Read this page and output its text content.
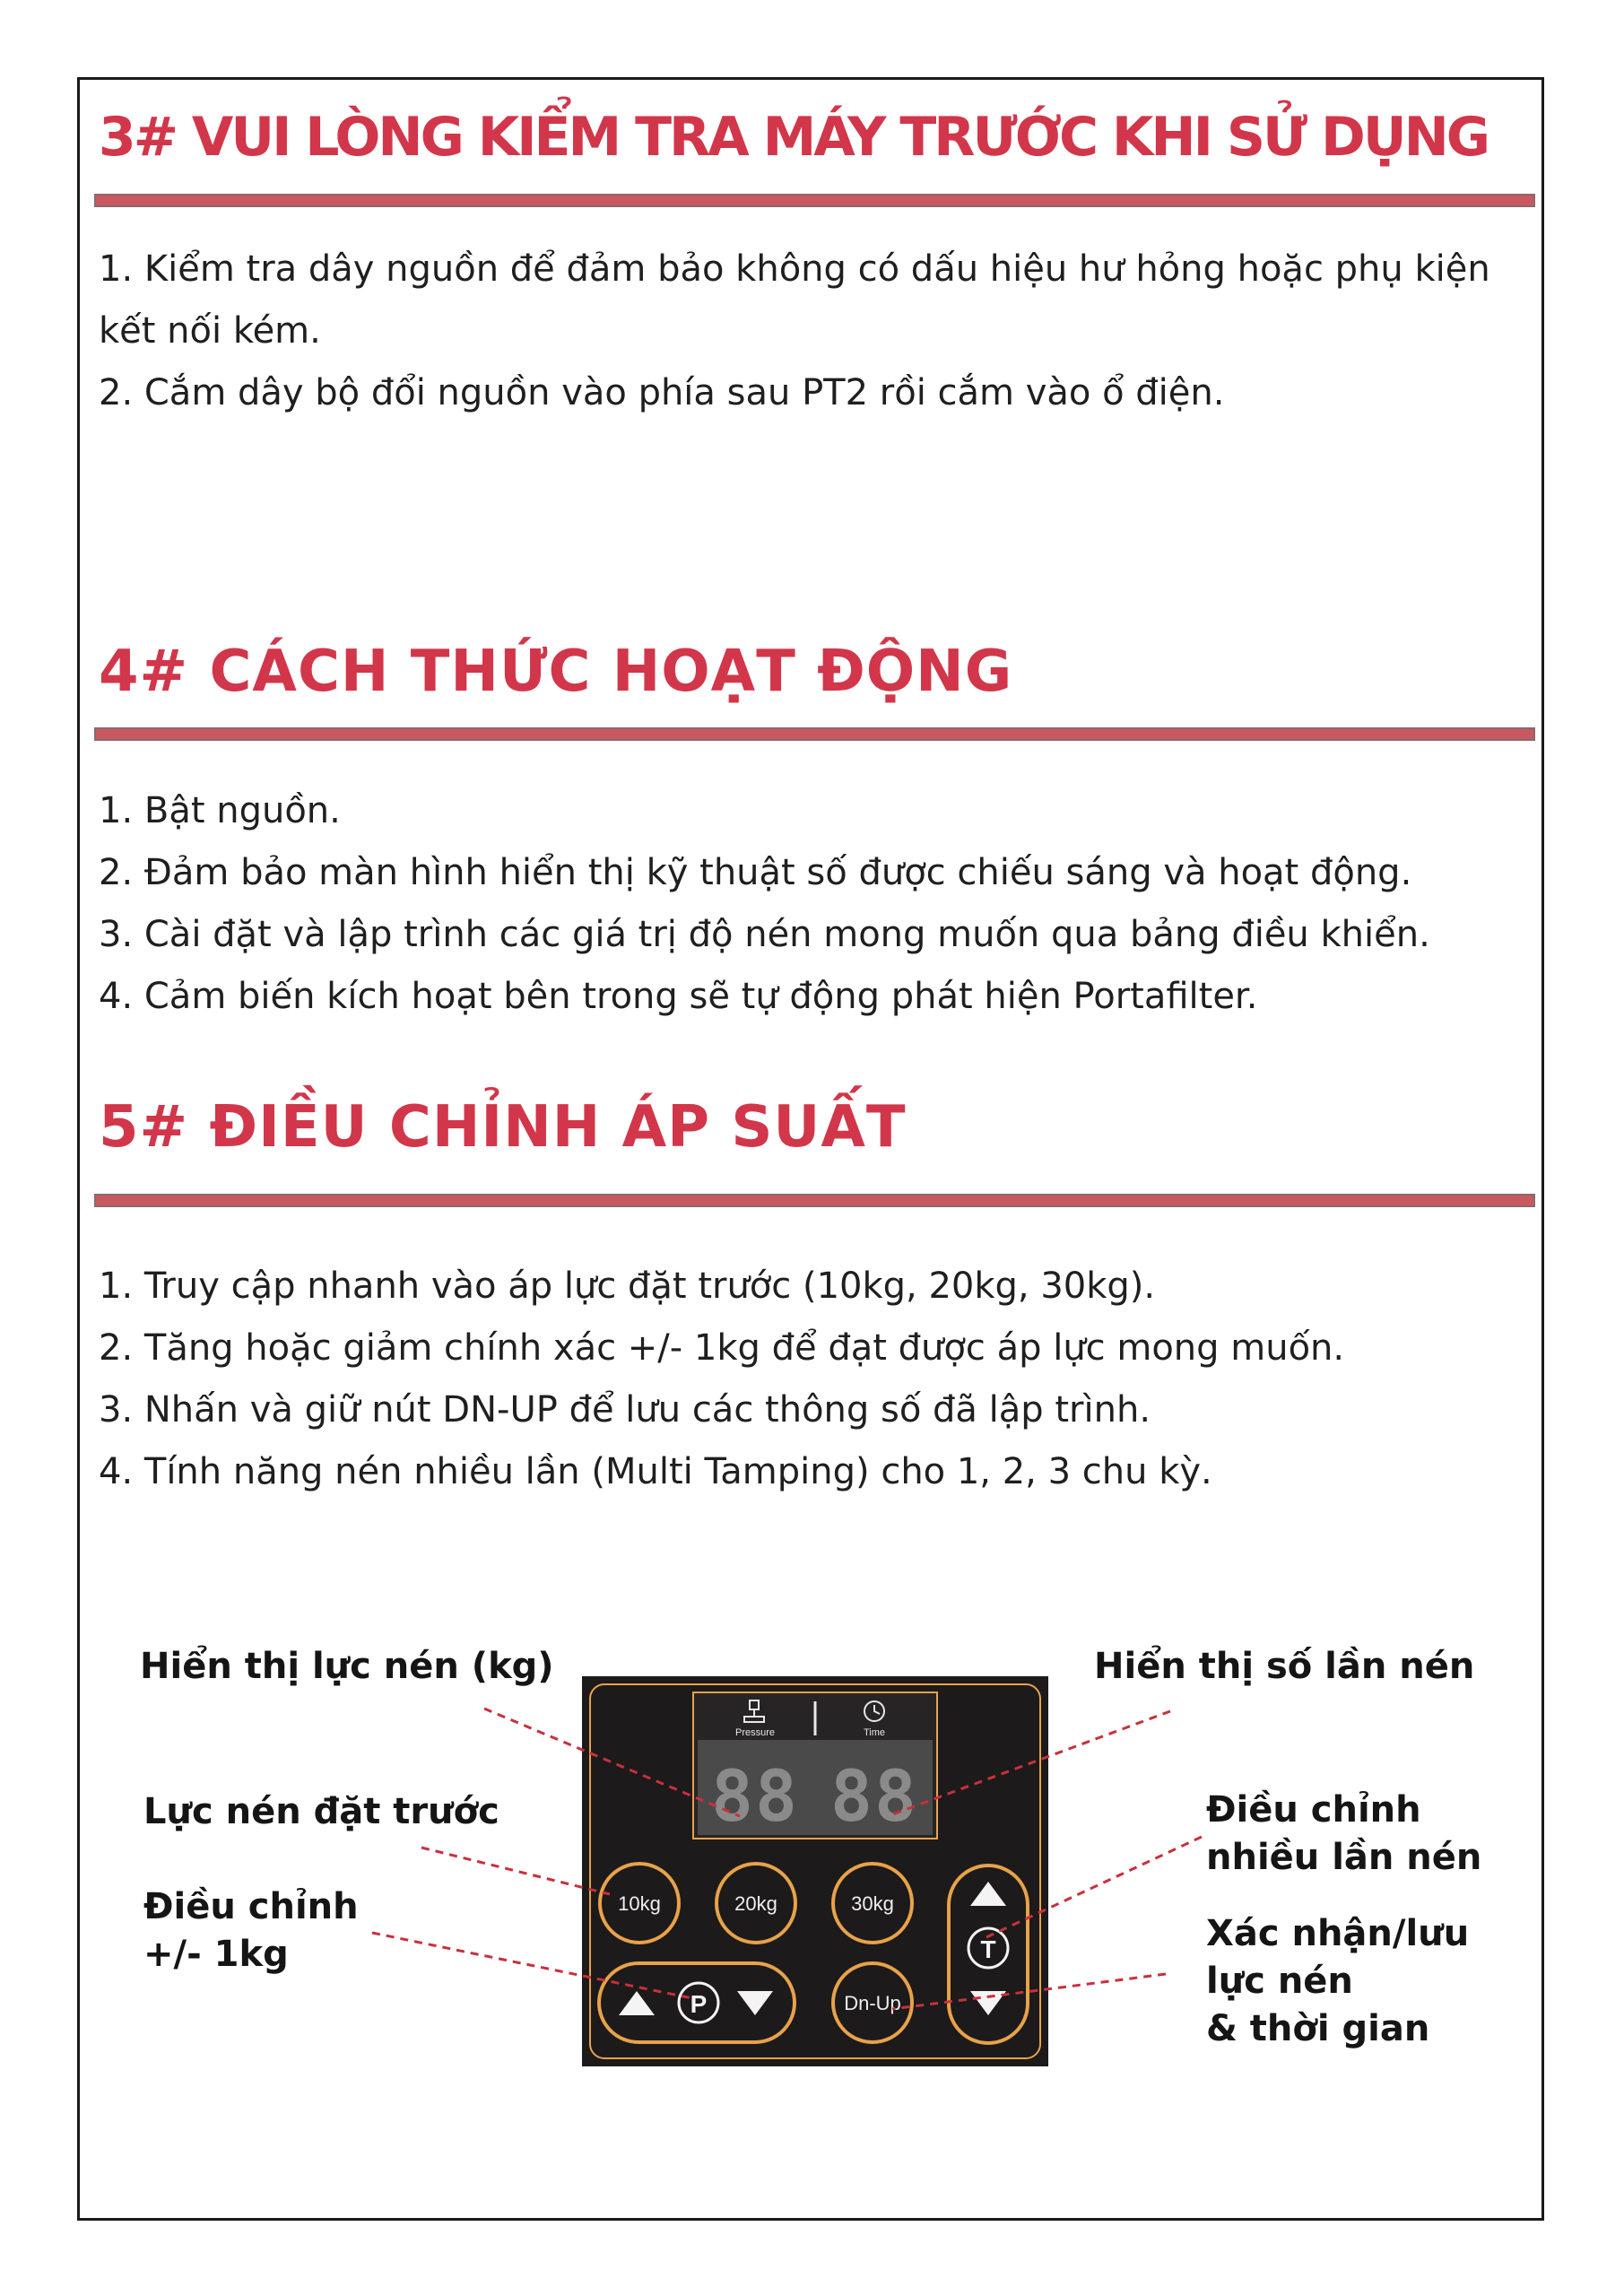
3# VUI LÒNG KIỂM TRA MÁY TRƯỚC KHI SỬ DỤNG

1. Kiểm tra dây nguồn để đảm bảo không có dấu hiệu hư hỏng hoặc phụ kiện kết nối kém.

2. Cắm dây bộ đổi nguồn vào phía sau PT2 rồi cắm vào ổ điện.

4# CÁCH THỨC HOẠT ĐỘNG

1. Bật nguồn.

2. Đảm bảo màn hình hiển thị kỹ thuật số được chiếu sáng và hoạt động.

3. Cài đặt và lập trình các giá trị độ nén mong muốn qua bảng điều khiển.

4. Cảm biến kích hoạt bên trong sẽ tự động phát hiện Portafilter.

5# ĐIỀU CHỈNH ÁP SUẤT

1. Truy cập nhanh vào áp lực đặt trước (10kg, 20kg, 30kg).

2. Tăng hoặc giảm chính xác +/- 1kg để đạt được áp lực mong muốn.

3. Nhấn và giữ nút DN-UP để lưu các thông số đã lập trình.

4. Tính năng nén nhiều lần (Multi Tamping) cho 1, 2, 3 chu kỳ.

Pressure	Time
88 88
10kg	20kg	30kg
P	Dn-Up
T
Hiển thị lực nén (kg)	Hiển thị số lần nén
Lực nén đặt trước
Điều chỉnh
+/- 1kg
Điều chỉnh
nhiều lần nén
Xác nhận/lưu
lực nén
& thời gian
